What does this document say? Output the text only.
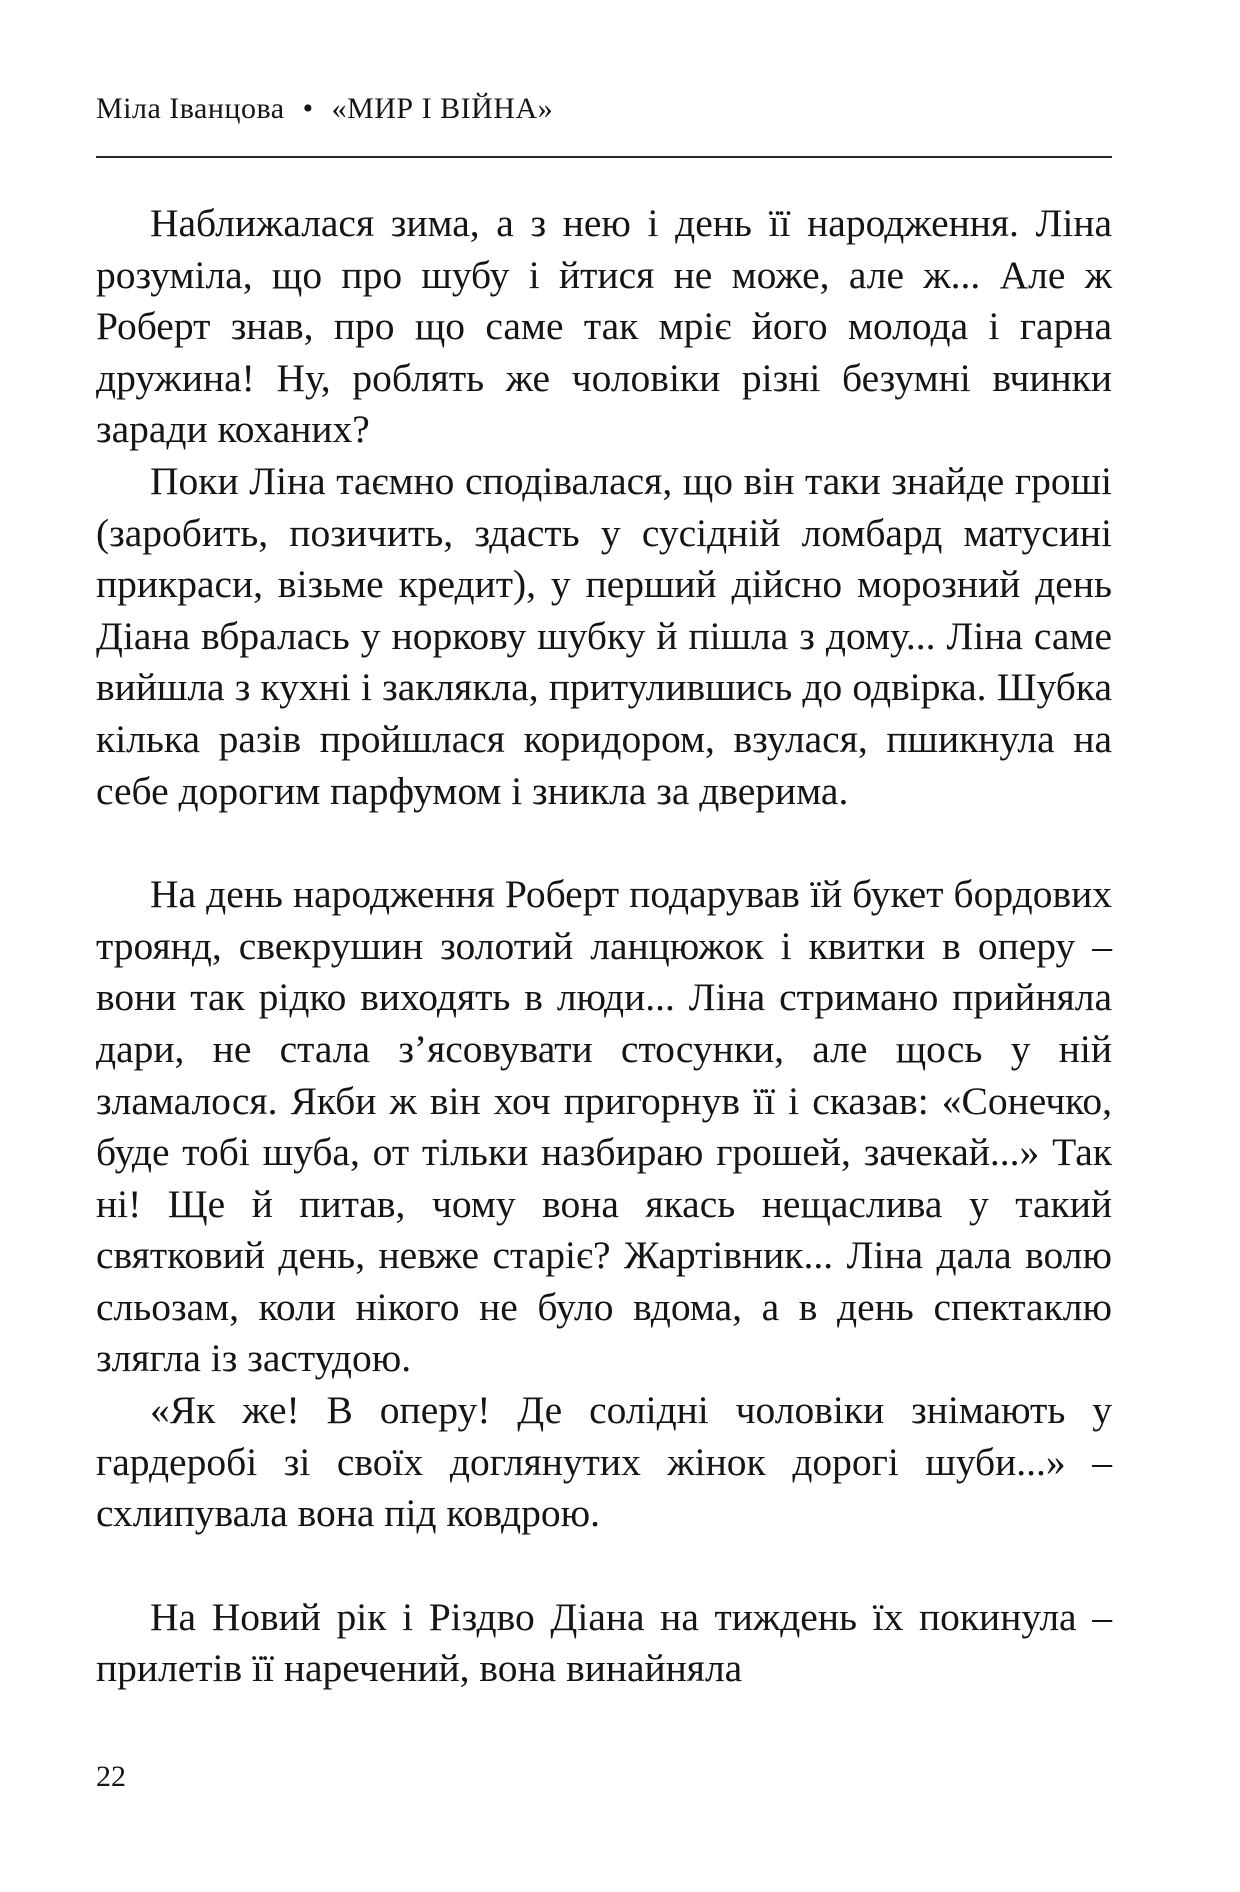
Міла Іванцова • «МИР І ВІЙНА»

Наближалася зима, а з нею і день її народження. Ліна розуміла, що про шубу і йтися не може, але ж... Але ж Роберт знав, про що саме так мріє його молода і гарна дружина! Ну, роблять же чоловіки різні безумні вчинки заради коханих?

Поки Ліна таємно сподівалася, що він таки знайде гроші (заробить, позичить, здасть у сусідній ломбард матусині прикраси, візьме кредит), у перший дійсно морозний день Діана вбралась у норкову шубку й пішла з дому... Ліна саме вийшла з кухні і заклякла, притулившись до одвірка. Шубка кілька разів пройшлася коридором, взулася, пшикнула на себе дорогим парфумом і зникла за дверима.

На день народження Роберт подарував їй букет бордових троянд, свекрушин золотий ланцюжок і квитки в оперу – вони так рідко виходять в люди... Ліна стримано прийняла дари, не стала з’ясовувати стосунки, але щось у ній зламалося. Якби ж він хоч пригорнув її і сказав: «Сонечко, буде тобі шуба, от тільки назбираю грошей, зачекай...» Так ні! Ще й питав, чому вона якась нещаслива у такий святковий день, невже старіє? Жартівник... Ліна дала волю сльозам, коли нікого не було вдома, а в день спектаклю злягла із застудою.

«Як же! В оперу! Де солідні чоловіки знімають у гардеробі зі своїх доглянутих жінок дорогі шуби...» – схлипувала вона під ковдрою.

На Новий рік і Різдво Діана на тиждень їх покинула – прилетів її наречений, вона винайняла

22
